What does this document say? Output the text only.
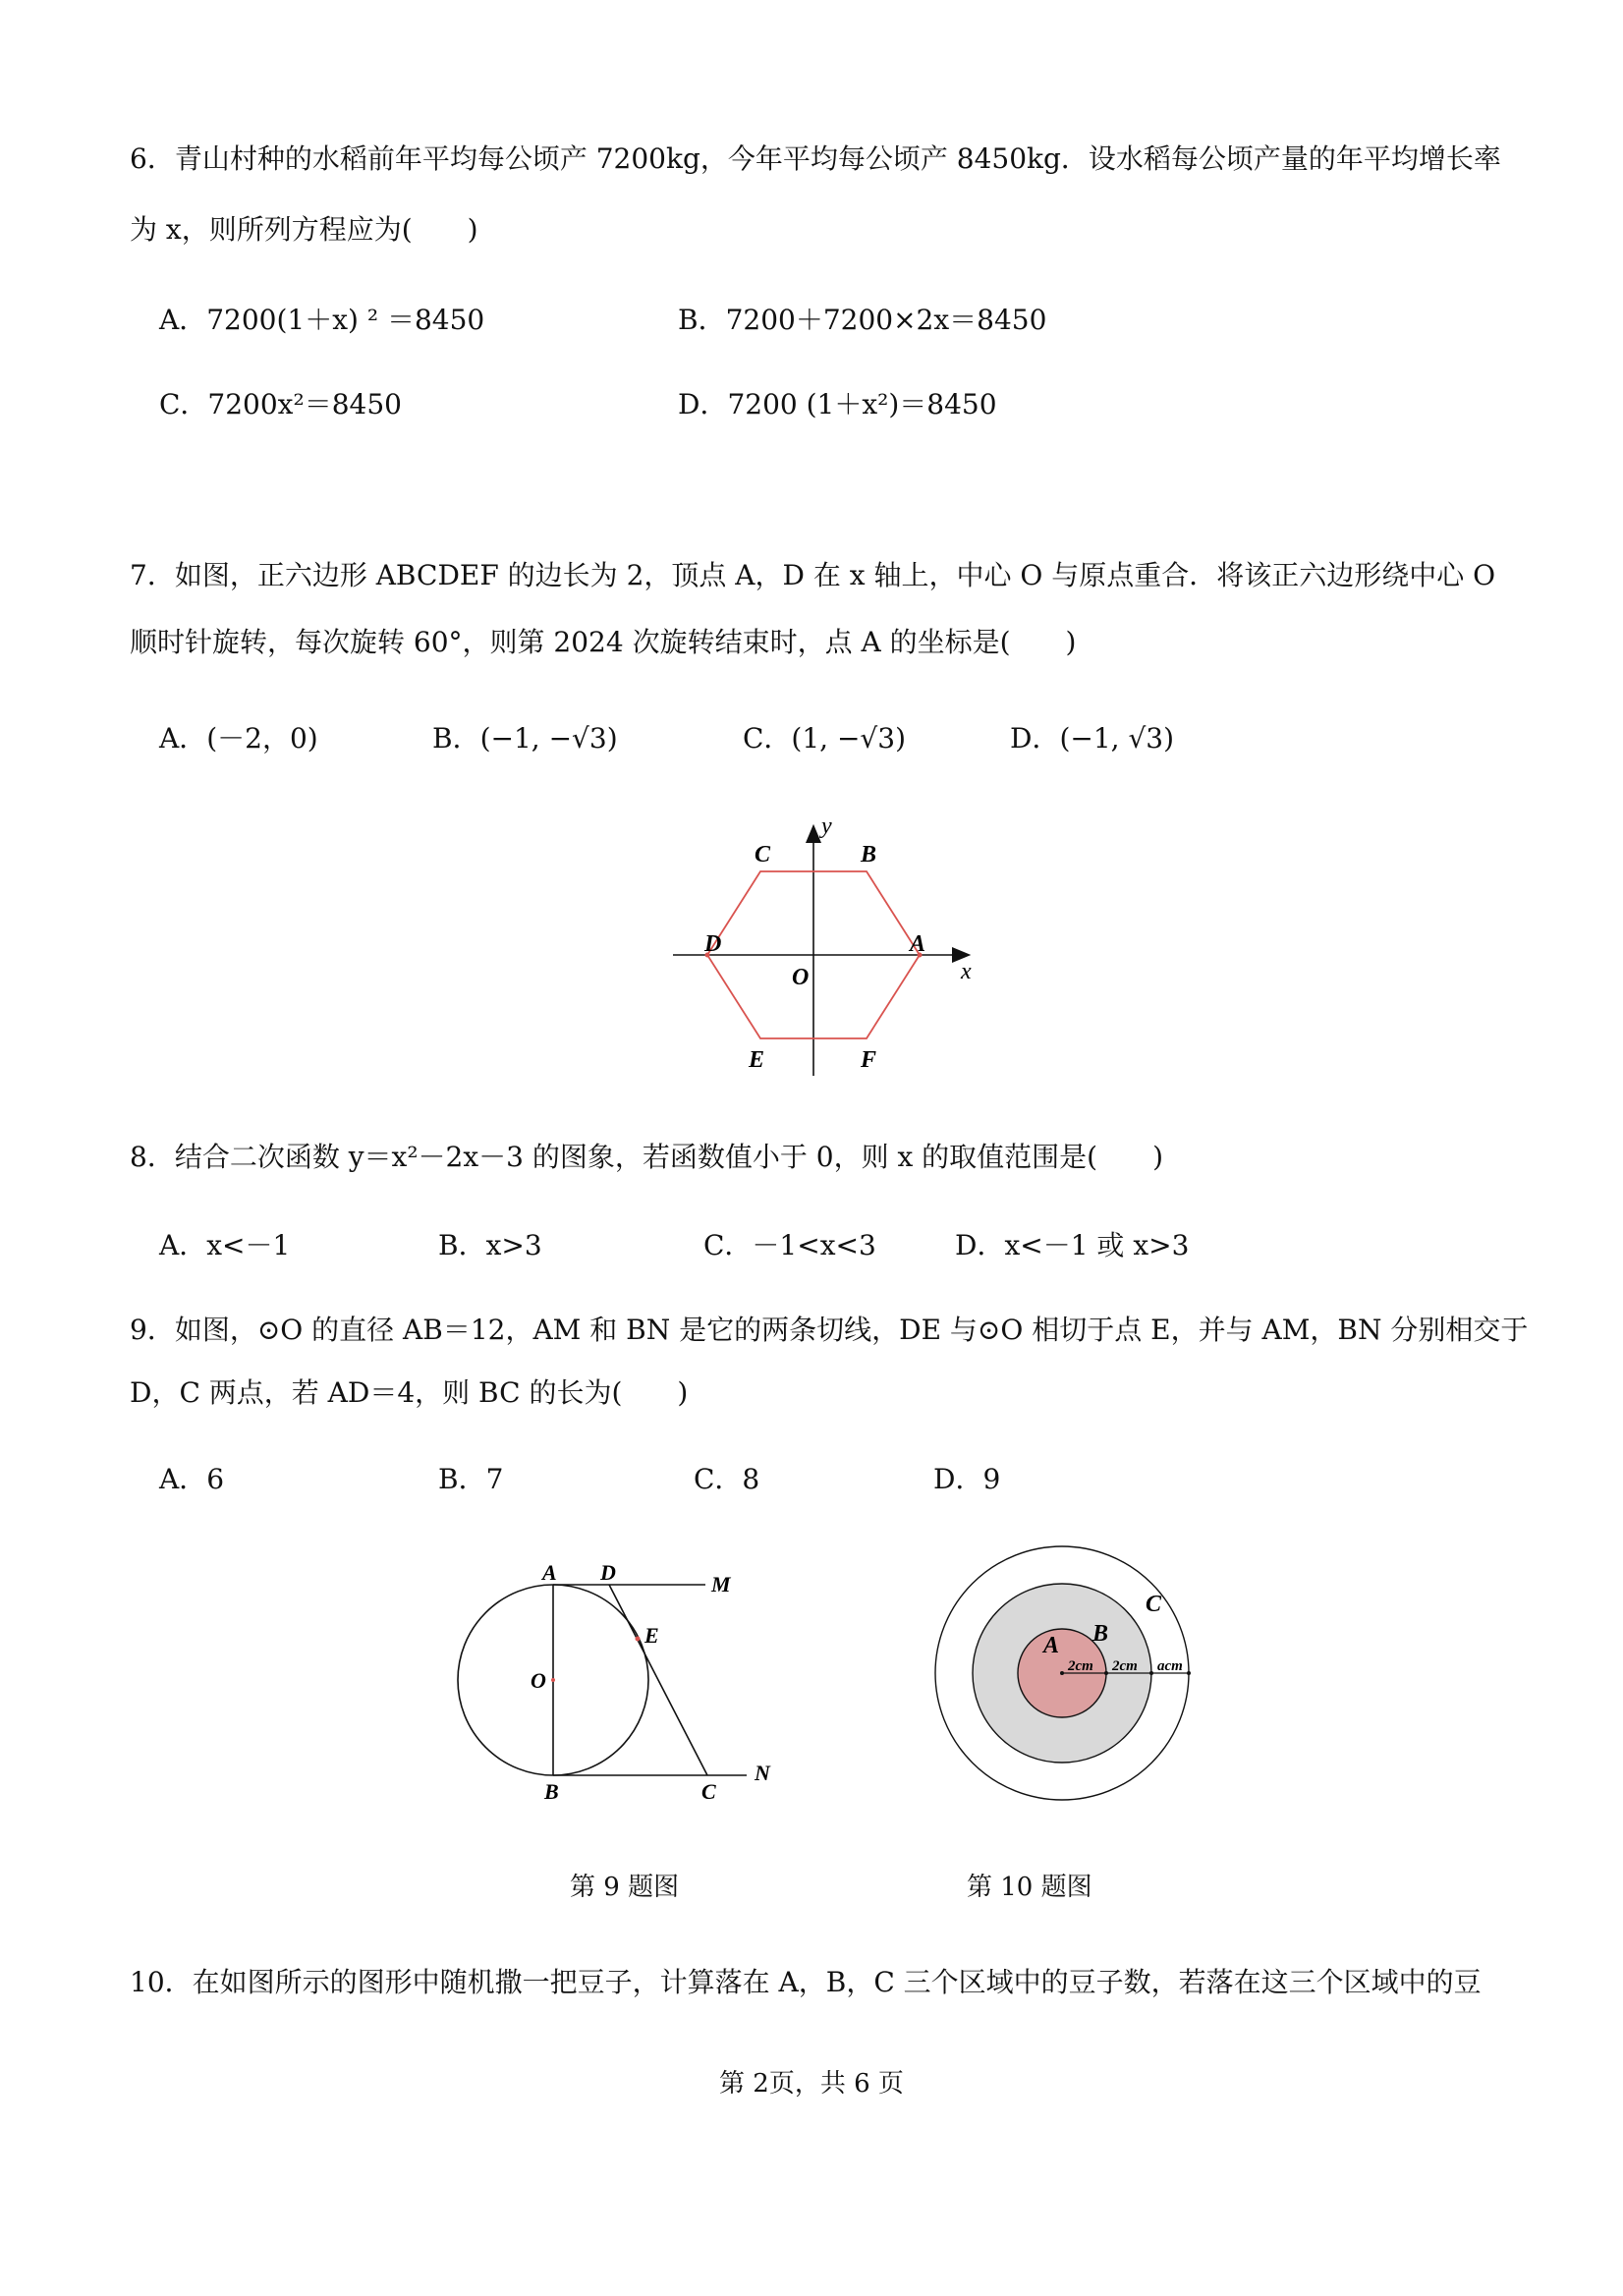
6．青山村种的水稻前年平均每公顷产 7200kg，今年平均每公顷产 8450kg．设水稻每公顷产量的年平均增长率
为 x，则所列方程应为(　　)
A．7200(1＋x) ² ＝8450	B．7200＋7200×2x＝8450
C．7200x²＝8450	D．7200 (1＋x²)＝8450
7．如图，正六边形 ABCDEF 的边长为 2，顶点 A，D 在 x 轴上，中心 O 与原点重合．将该正六边形绕中心 O
顺时针旋转，每次旋转 60°，则第 2024 次旋转结束时，点 A 的坐标是(　　)
A．(－2，0)	B．(−1, −√3)	C．(1, −√3)	D．(−1, √3)
C	B
y
D	A
O	x
E	F
8．结合二次函数 y＝x²－2x－3 的图象，若函数值小于 0，则 x 的取值范围是(　　)
A．x<－1	B．x>3	C．－1<x<3	D．x<－1 或 x>3
9．如图，⊙O 的直径 AB＝12，AM 和 BN 是它的两条切线，DE 与⊙O 相切于点 E，并与 AM，BN 分别相交于
D，C 两点，若 AD＝4，则 BC 的长为(　　)
A．6	B．7	C．8	D．9
A D	M
E
O
N
B	C
A B
C
2cm 2cm acm
第 9 题图	第 10 题图
10．在如图所示的图形中随机撒一把豆子，计算落在 A，B，C 三个区域中的豆子数，若落在这三个区域中的豆
第 2页，共 6 页
